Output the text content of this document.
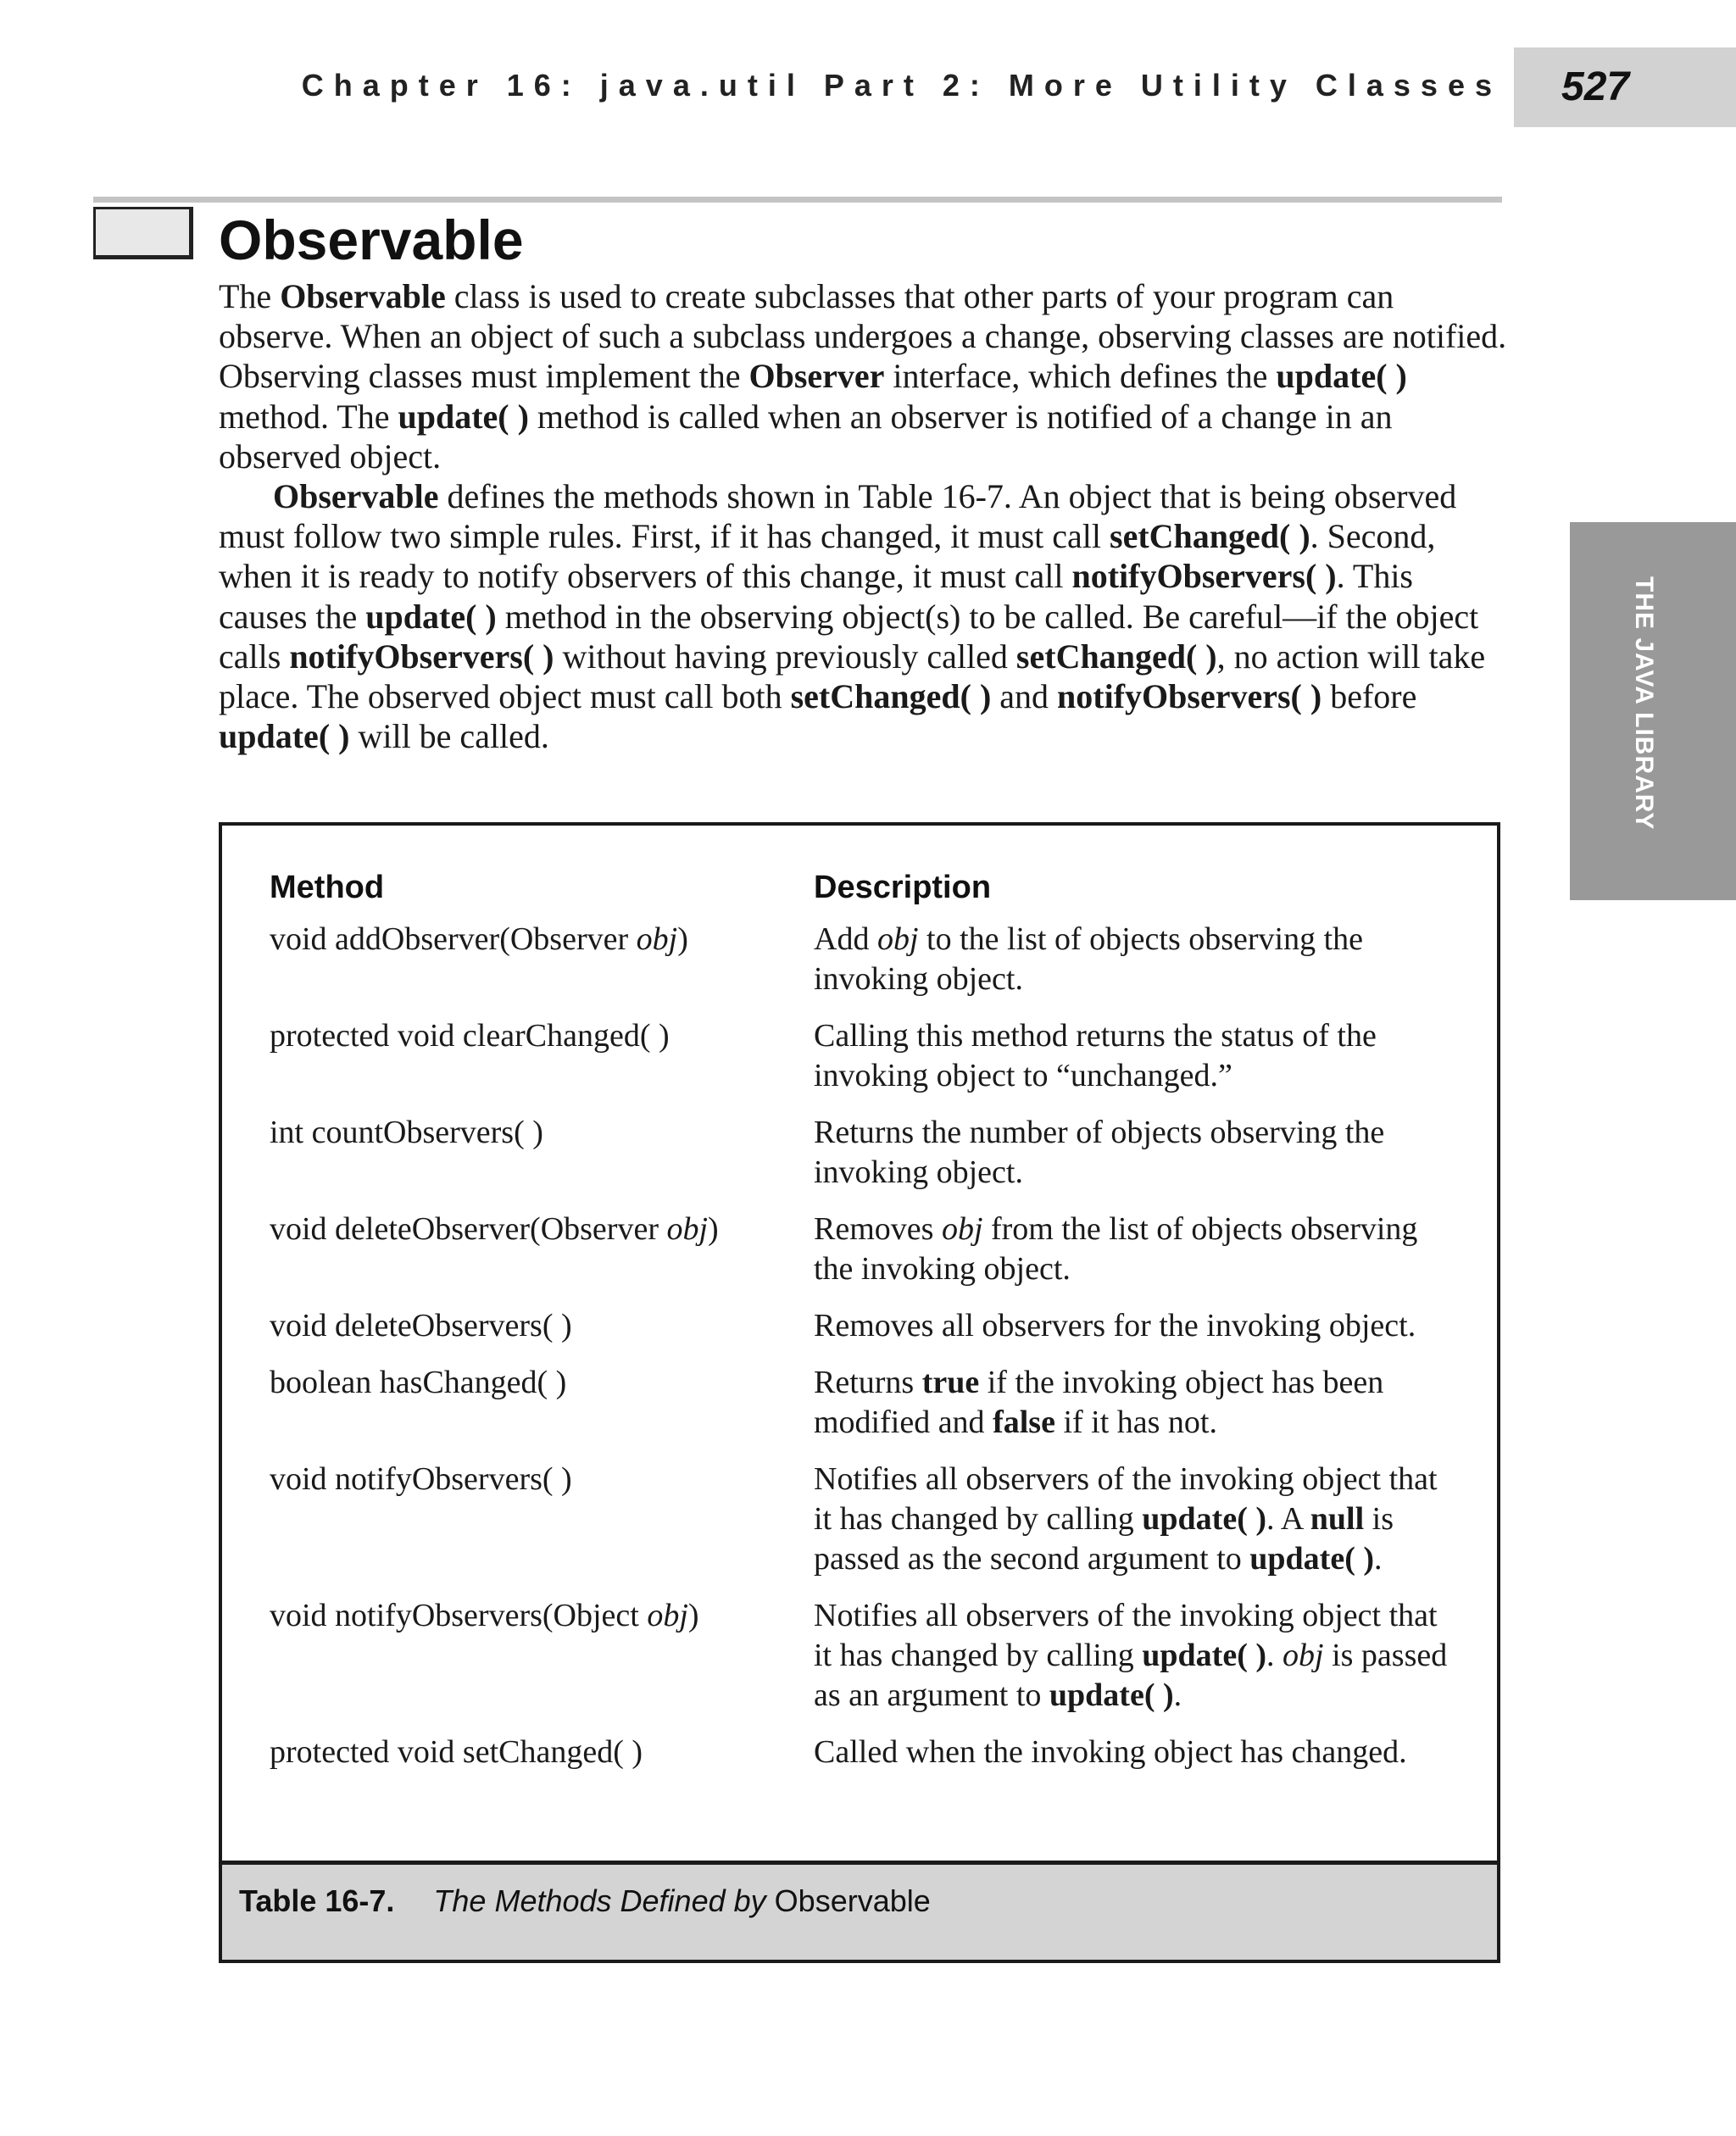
Chapter 16: java.util Part 2: More Utility Classes 527
Observable

The Observable class is used to create subclasses that other parts of your program can observe. When an object of such a subclass undergoes a change, observing classes are notified. Observing classes must implement the Observer interface, which defines the update( ) method. The update( ) method is called when an observer is notified of a change in an observed object.

Observable defines the methods shown in Table 16-7. An object that is being observed must follow two simple rules. First, if it has changed, it must call setChanged( ). Second, when it is ready to notify observers of this change, it must call notifyObservers( ). This causes the update( ) method in the observing object(s) to be called. Be careful—if the object calls notifyObservers( ) without having previously called setChanged( ), no action will take place. The observed object must call both setChanged( ) and notifyObservers( ) before update( ) will be called.	THE JAVA LIBRARY
Method	Description
void addObserver(Observer obj)	Add obj to the list of objects observing the invoking object.
protected void clearChanged( )	Calling this method returns the status of the invoking object to “unchanged.”
int countObservers( )	Returns the number of objects observing the invoking object.
void deleteObserver(Observer obj)	Removes obj from the list of objects observing the invoking object.
void deleteObservers( )	Removes all observers for the invoking object.
boolean hasChanged( )	Returns true if the invoking object has been modified and false if it has not.
void notifyObservers( )	Notifies all observers of the invoking object that it has changed by calling update( ). A null is passed as the second argument to update( ).
void notifyObservers(Object obj)	Notifies all observers of the invoking object that it has changed by calling update( ). obj is passed as an argument to update( ).
protected void setChanged( )	Called when the invoking object has changed.
Table 16-7. The Methods Defined by Observable
